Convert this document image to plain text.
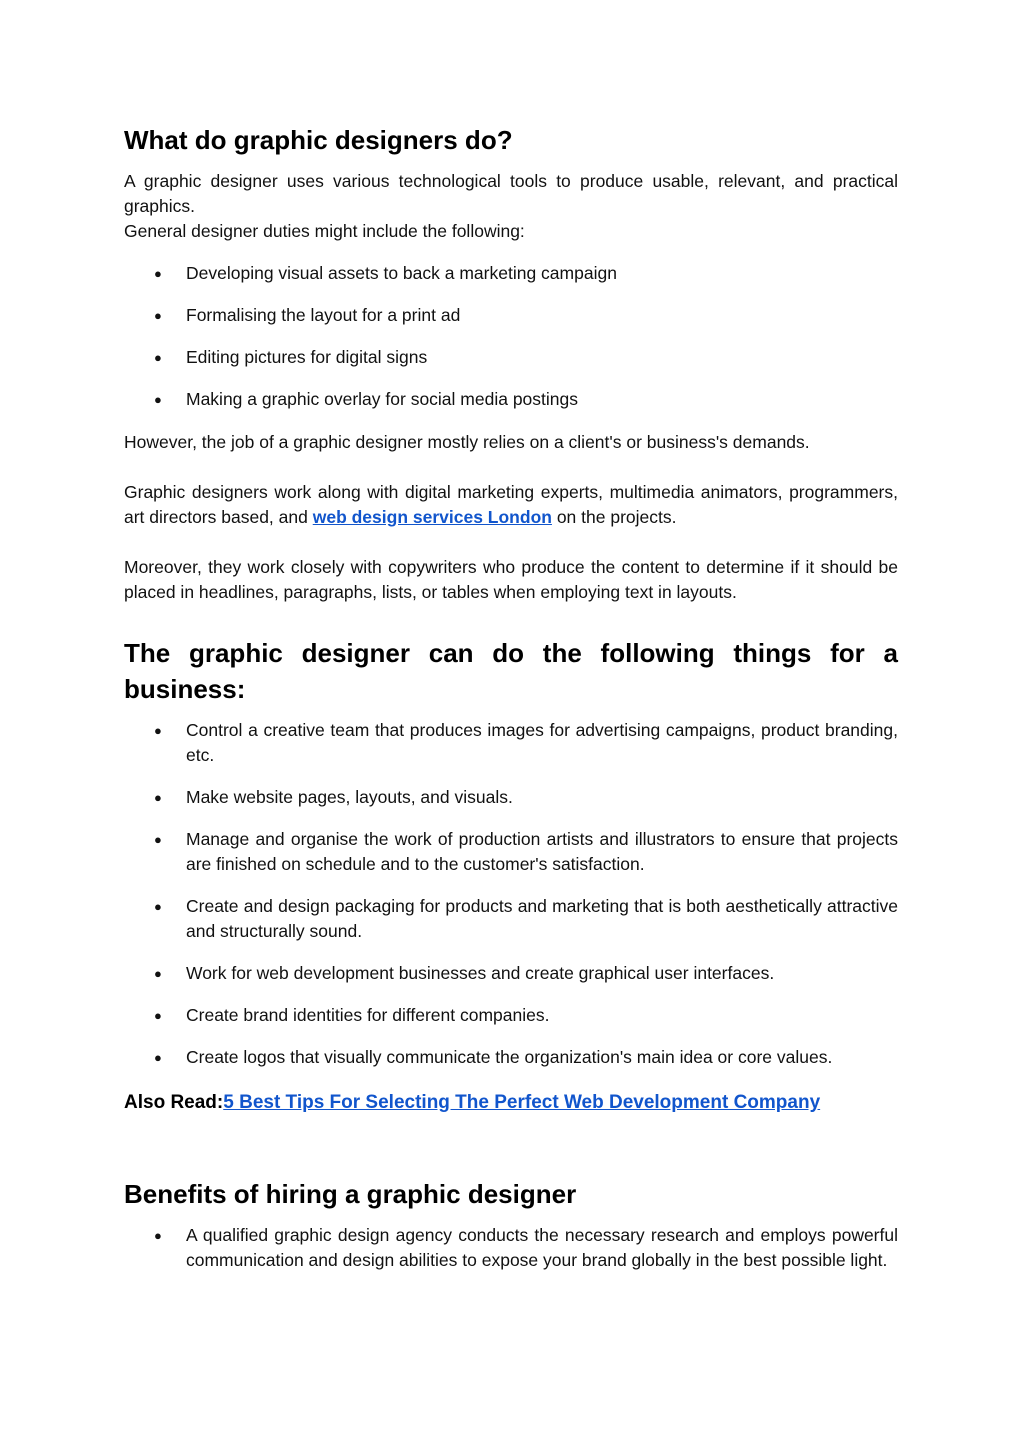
What do graphic designers do?

A graphic designer uses various technological tools to produce usable, relevant, and practical graphics.

General designer duties might include the following:

● Developing visual assets to back a marketing campaign
● Formalising the layout for a print ad
● Editing pictures for digital signs
● Making a graphic overlay for social media postings

However, the job of a graphic designer mostly relies on a client's or business's demands.

Graphic designers work along with digital marketing experts, multimedia animators, programmers, art directors based, and web design services London on the projects.

Moreover, they work closely with copywriters who produce the content to determine if it should be placed in headlines, paragraphs, lists, or tables when employing text in layouts.

The graphic designer can do the following things for a business:
● Control a creative team that produces images for advertising campaigns, product branding, etc.
● Make website pages, layouts, and visuals.
● Manage and organise the work of production artists and illustrators to ensure that projects are finished on schedule and to the customer's satisfaction.
● Create and design packaging for products and marketing that is both aesthetically attractive and structurally sound.
● Work for web development businesses and create graphical user interfaces.
● Create brand identities for different companies.
● Create logos that visually communicate the organization's main idea or core values.

Also Read:5 Best Tips For Selecting The Perfect Web Development Company

Benefits of hiring a graphic designer
● A qualified graphic design agency conducts the necessary research and employs powerful communication and design abilities to expose your brand globally in the best possible light.
